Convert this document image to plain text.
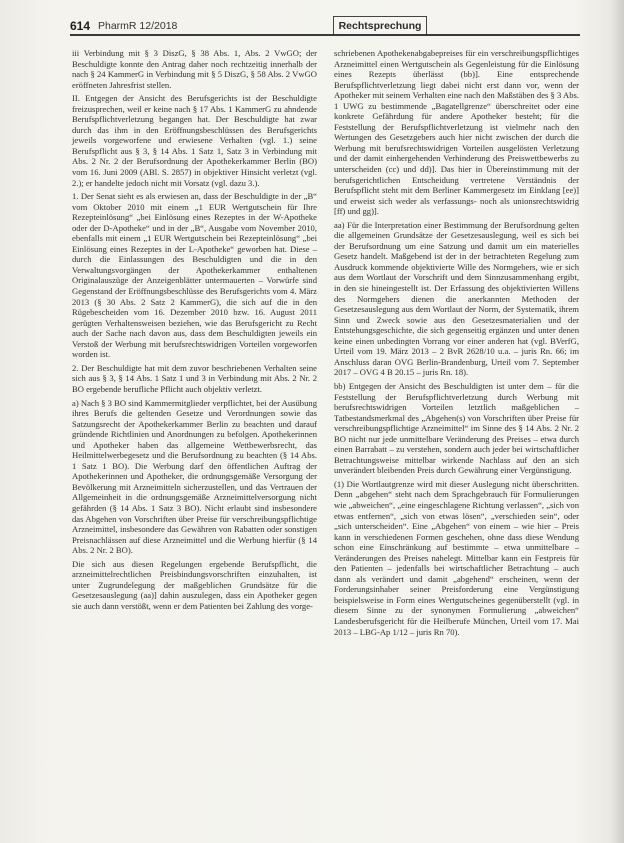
614 PharmR 12/2018	Rechtsprechung

iii Verbindung mit § 3 DiszG, § 38 Abs. 1, Abs. 2 VwGO; der Beschuldigte konnte den Antrag daher noch rechtzeitig innerhalb der nach § 24 KammerG in Verbindung mit § 5 DiszG, § 58 Abs. 2 VwGO eröffneten Jahresfrist stellen.

II. Entgegen der Ansicht des Berufsgerichts ist der Beschuldigte freizusprechen, weil er keine nach § 17 Abs. 1 KammerG zu ahndende Berufspflichtverletzung begangen hat. Der Beschuldigte hat zwar durch das ihm in den Eröffnungsbeschlüssen des Berufsgerichts jeweils vorgeworfene und erwiesene Verhalten (vgl. 1.) seine Berufspflicht aus § 3, § 14 Abs. 1 Satz 1, Satz 3 in Verbindung mit Abs. 2 Nr. 2 der Berufsordnung der Apothekerkammer Berlin (BO) vom 16. Juni 2009 (ABl. S. 2857) in objektiver Hinsicht verletzt (vgl. 2.); er handelte jedoch nicht mit Vorsatz (vgl. dazu 3.).

1. Der Senat sieht es als erwiesen an, dass der Beschuldigte in der „B“ vom Oktober 2010 mit einem „1 EUR Wertgutschein für Ihre Rezepteinlösung“ „bei Einlösung eines Rezeptes in der W-Apotheke oder der D-Apotheke“ und in der „B“, Ausgabe vom November 2010, ebenfalls mit einem „1 EUR Wertgutschein bei Rezepteinlösung“ „bei Einlösung eines Rezeptes in der L-Apotheke“ geworben hat. Diese – durch die Einlassungen des Beschuldigten und die in den Verwaltungsvorgängen der Apothekerkammer enthaltenen Originalauszüge der Anzeigenblätter untermauerten – Vorwürfe sind Gegenstand der Eröffnungsbeschlüsse des Berufsgerichts vom 4. März 2013 (§ 30 Abs. 2 Satz 2 KammerG), die sich auf die in den Rügebescheiden vom 16. Dezember 2010 bzw. 16. August 2011 gerügten Verhaltensweisen beziehen, wie das Berufsgericht zu Recht auch der Sache nach davon aus, dass dem Beschuldigten jeweils ein Verstoß der Werbung mit berufsrechtswidrigen Vorteilen vorgeworfen worden ist.

2. Der Beschuldigte hat mit dem zuvor beschriebenen Verhalten seine sich aus § 3, § 14 Abs. 1 Satz 1 und 3 in Verbindung mit Abs. 2 Nr. 2 BO ergebende berufliche Pflicht auch objektiv verletzt.

a) Nach § 3 BO sind Kammermitglieder verpflichtet, bei der Ausübung ihres Berufs die geltenden Gesetze und Verordnungen sowie das Satzungsrecht der Apothekerkammer Berlin zu beachten und darauf gründende Richtlinien und Anordnungen zu befolgen. Apothekerinnen und Apotheker haben das allgemeine Wettbewerbsrecht, das Heilmittelwerbegesetz und die Berufsordnung zu beachten (§ 14 Abs. 1 Satz 1 BO). Die Werbung darf den öffentlichen Auftrag der Apothekerinnen und Apotheker, die ordnungsgemäße Versorgung der Bevölkerung mit Arzneimitteln sicherzustellen, und das Vertrauen der Allgemeinheit in die ordnungsgemäße Arzneimittelversorgung nicht gefährden (§ 14 Abs. 1 Satz 3 BO). Nicht erlaubt sind insbesondere das Abgehen von Vorschriften über Preise für verschreibungspflichtige Arzneimittel, insbesondere das Gewähren von Rabatten oder sonstigen Preisnachlässen auf diese Arzneimittel und die Werbung hierfür (§ 14 Abs. 2 Nr. 2 BO).

Die sich aus diesen Regelungen ergebende Berufspflicht, die arzneimittelrechtlichen Preisbindungsvorschriften einzuhalten, ist unter Zugrundelegung der maßgeblichen Grundsätze für die Gesetzesauslegung (aa)] dahin auszulegen, dass ein Apotheker gegen sie auch dann verstößt, wenn er dem Patienten bei Zahlung des vorge-

schriebenen Apothekenabgabepreises für ein verschreibungspflichtiges Arzneimittel einen Wertgutschein als Gegenleistung für die Einlösung eines Rezepts überlässt (bb)]. Eine entsprechende Berufspflichtverletzung liegt dabei nicht erst dann vor, wenn der Apotheker mit seinem Verhalten eine nach den Maßstäben des § 3 Abs. 1 UWG zu bestimmende „Bagatellgrenze“ überschreitet oder eine konkrete Gefährdung für andere Apotheker besteht; für die Feststellung der Berufspflichtverletzung ist vielmehr nach den Wertungen des Gesetzgebers auch hier nicht zwischen der durch die Werbung mit berufsrechtswidrigen Vorteilen ausgelösten Verletzung und der damit einhergehenden Verhinderung des Preiswettbewerbs zu unterscheiden (cc) und dd)]. Das hier in Übereinstimmung mit der berufsgerichtlichen Entscheidung vertretene Verständnis der Berufspflicht steht mit dem Berliner Kammergesetz im Einklang [ee)] und erweist sich weder als verfassungs- noch als unionsrechtswidrig [ff) und gg)].

aa) Für die Interpretation einer Bestimmung der Berufsordnung gelten die allgemeinen Grundsätze der Gesetzesauslegung, weil es sich bei der Berufsordnung um eine Satzung und damit um ein materielles Gesetz handelt. Maßgebend ist der in der betrachteten Regelung zum Ausdruck kommende objektivierte Wille des Normgebers, wie er sich aus dem Wortlaut der Vorschrift und dem Sinnzusammenhang ergibt, in den sie hineingestellt ist. Der Erfassung des objektivierten Willens des Normgebers dienen die anerkannten Methoden der Gesetzesauslegung aus dem Wortlaut der Norm, der Systematik, ihrem Sinn und Zweck sowie aus den Gesetzesmaterialien und der Entstehungsgeschichte, die sich gegenseitig ergänzen und unter denen keine einen unbedingten Vorrang vor einer anderen hat (vgl. BVerfG, Urteil vom 19. März 2013 – 2 BvR 2628/10 u.a. – juris Rn. 66; im Anschluss daran OVG Berlin-Brandenburg, Urteil vom 7. September 2017 – OVG 4 B 20.15 – juris Rn. 18).

bb) Entgegen der Ansicht des Beschuldigten ist unter dem – für die Feststellung der Berufspflichtverletzung durch Werbung mit berufsrechtswidrigen Vorteilen letztlich maßgeblichen – Tatbestandsmerkmal des „Abgehen(s) von Vorschriften über Preise für verschreibungspflichtige Arzneimittel“ im Sinne des § 14 Abs. 2 Nr. 2 BO nicht nur jede unmittelbare Veränderung des Preises – etwa durch einen Barrabatt – zu verstehen, sondern auch jeder bei wirtschaftlicher Betrachtungsweise mittelbar wirkende Nachlass auf den an sich unverändert bleibenden Preis durch Gewährung einer Vergünstigung.

(1) Die Wortlautgrenze wird mit dieser Auslegung nicht überschritten. Denn „abgehen“ steht nach dem Sprachgebrauch für Formulierungen wie „abweichen“, „eine eingeschlagene Richtung verlassen“, „sich von etwas entfernen“, „sich von etwas lösen“, „verschieden sein“, oder „sich unterscheiden“. Eine „Abgehen“ von einem – wie hier – Preis kann in verschiedenen Formen geschehen, ohne dass diese Wendung schon eine Einschränkung auf bestimmte – etwa unmittelbare – Veränderungen des Preises nahelegt. Mittelbar kann ein Festpreis für den Patienten – jedenfalls bei wirtschaftlicher Betrachtung – auch dann als verändert und damit „abgehend“ erscheinen, wenn der Forderungsinhaber seiner Preisforderung eine Vergünstigung beispielsweise in Form eines Wertgutscheines gegenüberstellt (vgl. in diesem Sinne zu der synonymen Formulierung „abweichen“ Landesberufsgericht für die Heilberufe München, Urteil vom 17. Mai 2013 – LBG-Ap 1/12 – juris Rn 70).
